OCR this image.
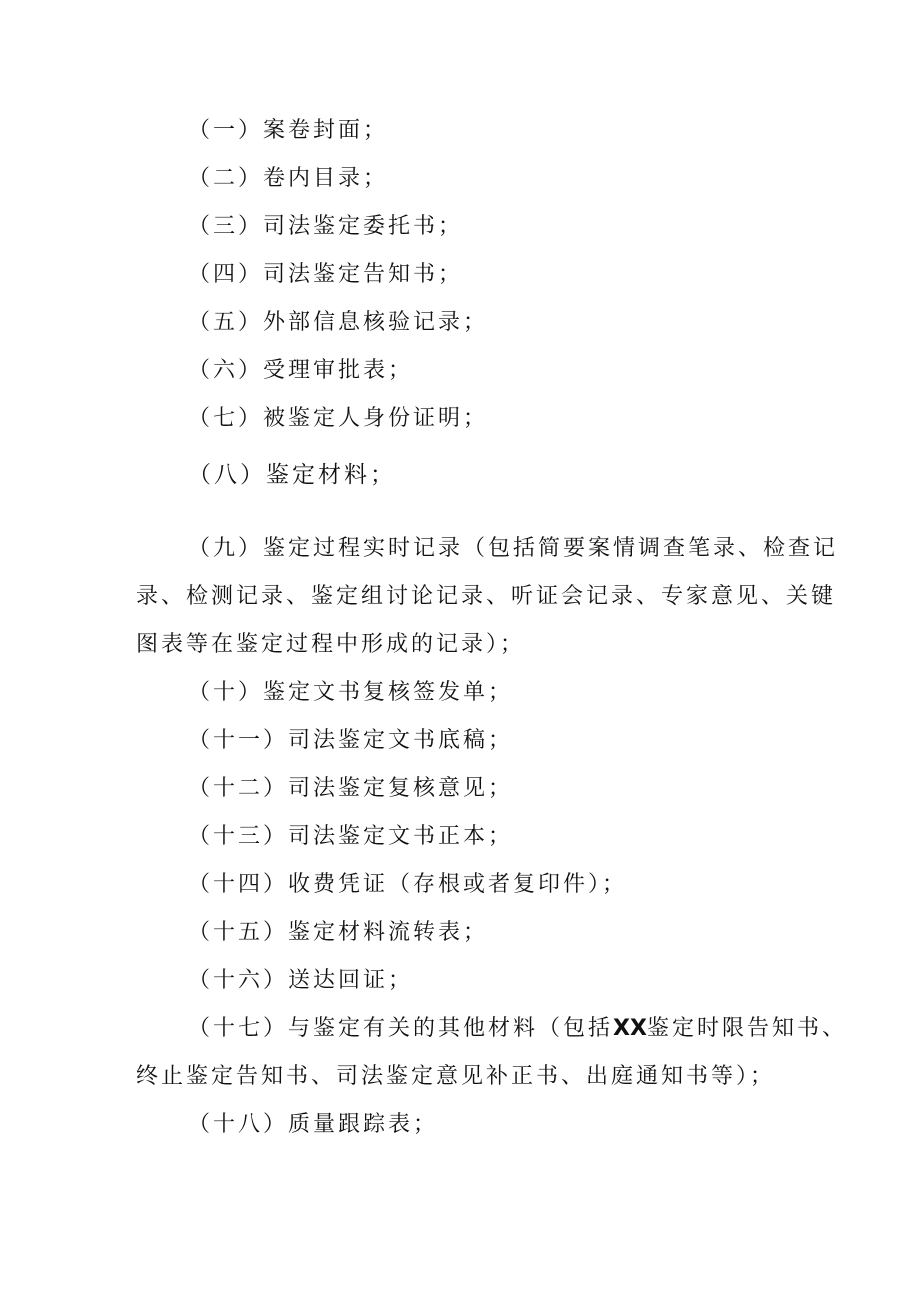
（一）案卷封面；
（二）卷内目录；
（三）司法鉴定委托书；
（四）司法鉴定告知书；
（五）外部信息核验记录；
（六）受理审批表；
（七）被鉴定人身份证明；
（八）鉴定材料；
（九）鉴定过程实时记录（包括简要案情调查笔录、检查记
录、检测记录、鉴定组讨论记录、听证会记录、专家意见、关键
图表等在鉴定过程中形成的记录）；
（十）鉴定文书复核签发单；
（十一）司法鉴定文书底稿；
（十二）司法鉴定复核意见；
（十三）司法鉴定文书正本；
（十四）收费凭证（存根或者复印件）；
（十五）鉴定材料流转表；
（十六）送达回证；
（十七）与鉴定有关的其他材料（包括XX鉴定时限告知书、
终止鉴定告知书、司法鉴定意见补正书、出庭通知书等）；
（十八）质量跟踪表；
